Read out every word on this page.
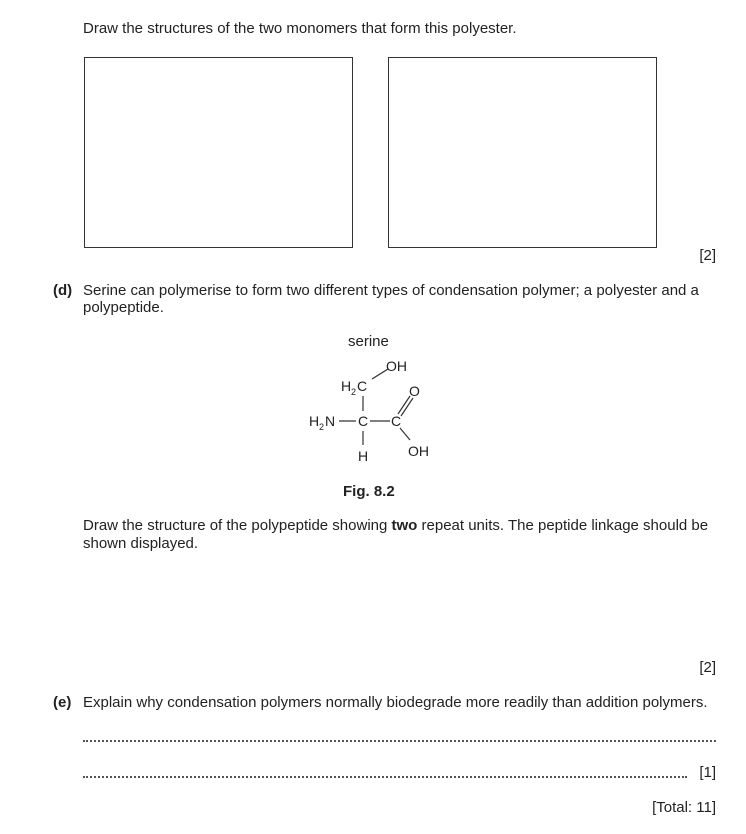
Draw the structures of the two monomers that form this polyester.
[2]
(d) Serine can polymerise to form two different types of condensation polymer; a polyester and a
polypeptide.
serine
OH
H 2 C	O
H 2 N C C
H	OH
Fig. 8.2
Draw the structure of the polypeptide showing two repeat units. The peptide linkage should be
shown displayed.
[2]
(e) Explain why condensation polymers normally biodegrade more readily than addition polymers.
[1]
[Total: 11]
